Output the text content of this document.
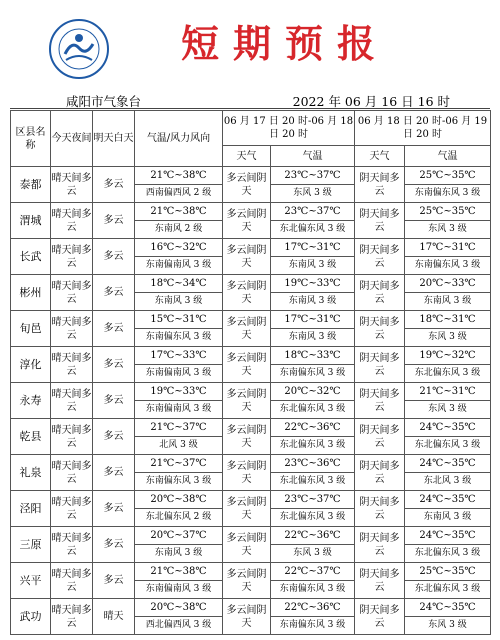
短期预报
咸阳市气象台	2022 年 06 月 16 日 16 时
区县名称	今天夜间	明天白天	气温/风力风向	06 月 17 日 20 时-06 月 18 日 20 时		06 月 18 日 20 时-06 月 19 日 20 时	
				天气	气温	天气	气温
泰都	晴天间多云	多云	21℃~38℃	多云间阴天	23℃~37℃	阴天间多云	25℃~35℃
			西南偏西风 2 级		东风 3 级		东南偏东风 3 级
渭城	晴天间多云	多云	21℃~38℃	多云间阴天	23℃~37℃	阴天间多云	25℃~35℃
			东南风 2 级		东北偏东风 3 级		东风 3 级
长武	晴天间多云	多云	16℃~32℃	多云间阴天	17℃~31℃	阴天间多云	17℃~31℃
			东南偏南风 3 级		东南风 3 级		东南偏东风 3 级
彬州	晴天间多云	多云	18℃~34℃	多云间阴天	19℃~33℃	阴天间多云	20℃~33℃
			东南风 3 级		东南风 3 级		东南风 3 级
旬邑	晴天间多云	多云	15℃~31℃	多云间阴天	17℃~31℃	阴天间多云	18℃~31℃
			东南偏东风 3 级		东南风 3 级		东风 3 级
淳化	晴天间多云	多云	17℃~33℃	多云间阴天	18℃~33℃	阴天间多云	19℃~32℃
			东南偏南风 3 级		东南偏东风 3 级		东北偏东风 3 级
永寿	晴天间多云	多云	19℃~33℃	多云间阴天	20℃~32℃	阴天间多云	21℃~31℃
			东南偏南风 3 级		东北偏东风 3 级		东风 3 级
乾县	晴天间多云	多云	21℃~37℃	多云间阴天	22℃~36℃	阴天间多云	24℃~35℃
			北风 3 级		东北偏东风 3 级		东北偏东风 3 级
礼泉	晴天间多云	多云	21℃~37℃	多云间阴天	23℃~36℃	阴天间多云	24℃~35℃
			东南偏东风 3 级		东北偏东风 3 级		东北风 3 级
泾阳	晴天间多云	多云	20℃~38℃	多云间阴天	23℃~37℃	阴天间多云	24℃~35℃
			东北偏东风 2 级		东北偏东风 3 级		东南风 3 级
三原	晴天间多云	多云	20℃~37℃	多云间阴天	22℃~36℃	阴天间多云	24℃~35℃
			东南风 3 级		东风 3 级		东北偏东风 3 级
兴平	晴天间多云	多云	21℃~38℃	多云间阴天	22℃~37℃	阴天间多云	25℃~35℃
			东南偏南风 3 级		东南偏东风 3 级		东北偏东风 3 级
武功	晴天间多云	晴天	20℃~38℃	多云间阴天	22℃~36℃	阴天间多云	24℃~35℃
			西北偏西风 3 级		东南偏东风 3 级		东风 3 级
